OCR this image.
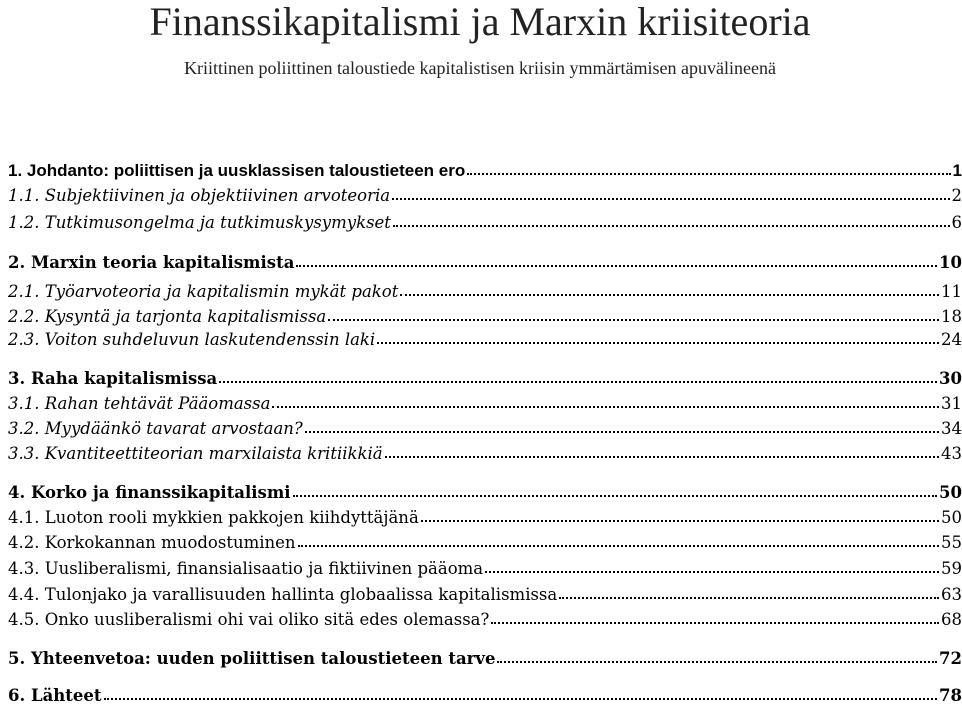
Finanssikapitalismi ja Marxin kriisiteoria
Kriittinen poliittinen taloustiede kapitalistisen kriisin ymmärtämisen apuvälineenä
1. Johdanto: poliittisen ja uusklassisen taloustieteen ero	1
1.1. Subjektiivinen ja objektiivinen arvoteoria	2
1.2. Tutkimusongelma ja tutkimuskysymykset	6
2. Marxin teoria kapitalismista	10
2.1. Työarvoteoria ja kapitalismin mykät pakot	11
2.2. Kysyntä ja tarjonta kapitalismissa	18
2.3. Voiton suhdeluvun laskutendenssin laki	24
3. Raha kapitalismissa	30
3.1. Rahan tehtävät Pääomassa	31
3.2. Myydäänkö tavarat arvostaan?	34
3.3. Kvantiteettiteorian marxilaista kritiikkiä	43
4. Korko ja finanssikapitalismi	50
4.1. Luoton rooli mykkien pakkojen kiihdyttäjänä	50
4.2. Korkokannan muodostuminen	55
4.3. Uusliberalismi, finansialisaatio ja fiktiivinen pääoma	59
4.4. Tulonjako ja varallisuuden hallinta globaalissa kapitalismissa	63
4.5. Onko uusliberalismi ohi vai oliko sitä edes olemassa?	68
5. Yhteenvetoa: uuden poliittisen taloustieteen tarve	72
6. Lähteet	78
